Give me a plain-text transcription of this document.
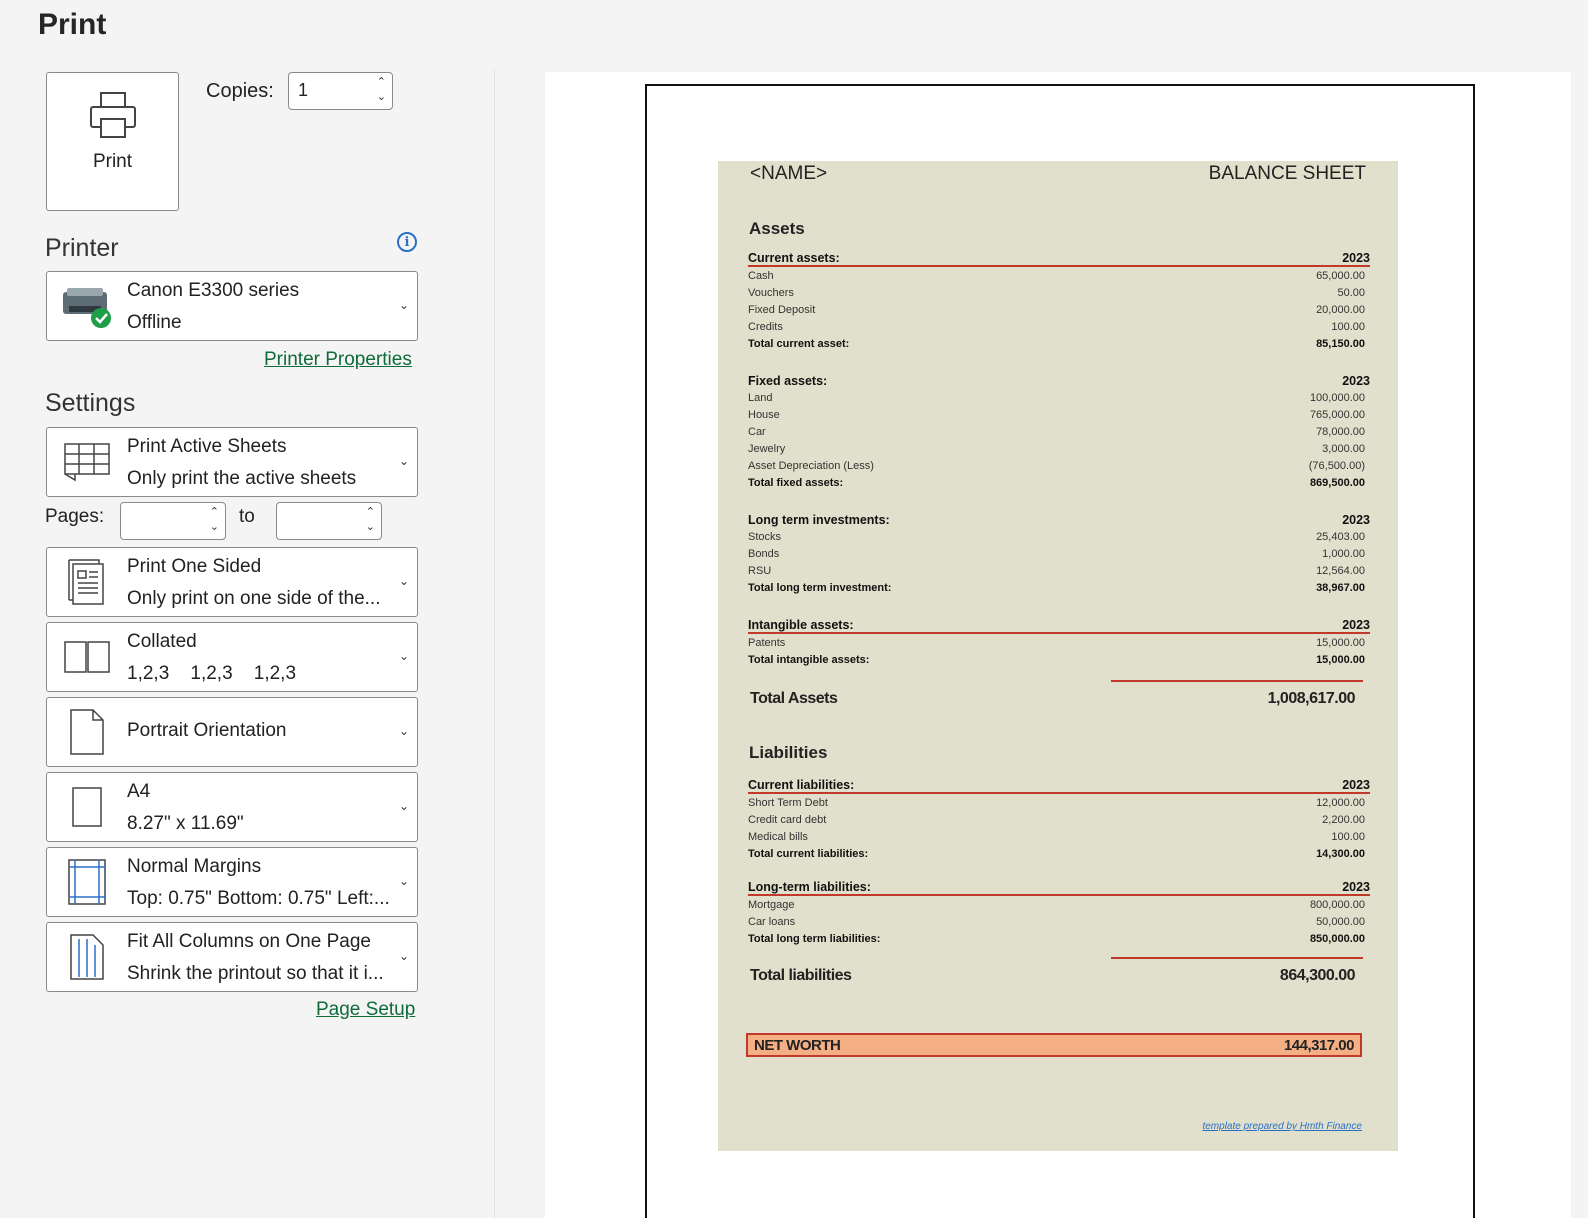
Print
Print
Copies: 1	⌃
⌄
Printer	i
Canon E3300 series
Offline
⌄
Printer Properties
Settings
Print Active Sheets
Only print the active sheets
⌄
Pages:	⌃
⌄ to	⌃
⌄
Print One Sided
Only print on one side of the...
⌄
Collated
1,2,3    1,2,3    1,2,3
⌄
Portrait Orientation	⌄
A4
8.27" x 11.69"
⌄
Normal Margins
Top: 0.75" Bottom: 0.75" Left:...
⌄
Fit All Columns on One Page
Shrink the printout so that it i...
⌄
Page Setup
<NAME>	BALANCE SHEET
Assets
Current assets:	2023
Cash	65,000.00
Vouchers	50.00
Fixed Deposit	20,000.00
Credits	100.00
Total current asset:	85,150.00
Fixed assets:	2023
Land	100,000.00
House	765,000.00
Car	78,000.00
Jewelry	3,000.00
Asset Depreciation (Less)	(76,500.00)
Total fixed assets:	869,500.00
Long term investments:	2023
Stocks	25,403.00
Bonds	1,000.00
RSU	12,564.00
Total long term investment:	38,967.00
Intangible assets:	2023
Patents	15,000.00
Total intangible assets:	15,000.00
Total Assets	1,008,617.00
Liabilities
Current liabilities:	2023
Short Term Debt	12,000.00
Credit card debt	2,200.00
Medical bills	100.00
Total current liabilities:	14,300.00
Long-term liabilities:	2023
Mortgage	800,000.00
Car loans	50,000.00
Total long term liabilities:	850,000.00
Total liabilities	864,300.00
NET WORTH	144,317.00
template prepared by Hmth Finance
